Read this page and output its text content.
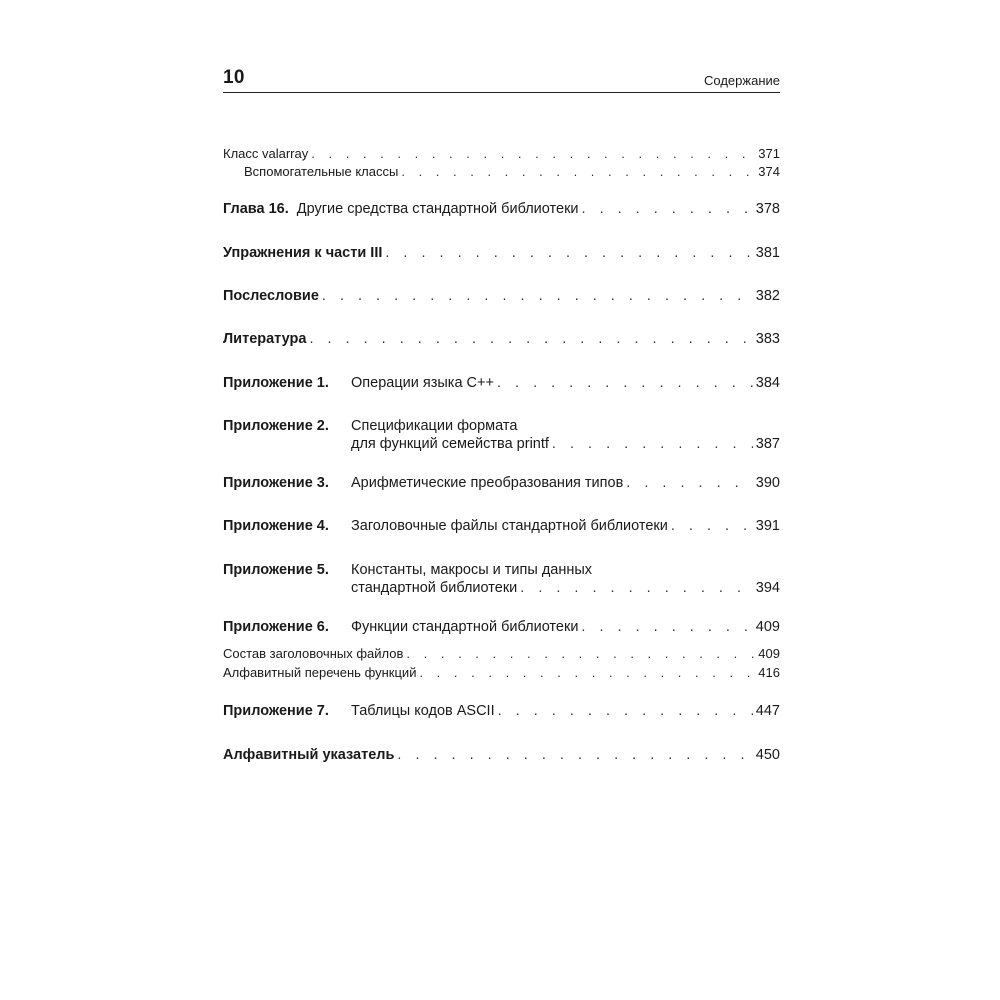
10	Содержание
Класс valarray . . .	371
Вспомогательные классы . . .	374
Глава 16. Другие средства стандартной библиотеки . . .	378
Упражнения к части III . . .	381
Послесловие . . .	382
Литература . . .	383
Приложение 1.	Операции языка C++ . . .	384
Приложение 2.	Спецификации формата
для функций семейства printf . . .	387
Приложение 3.	Арифметические преобразования типов . . .	390
Приложение 4.	Заголовочные файлы стандартной библиотеки . . .	391
Приложение 5.	Константы, макросы и типы данных
стандартной библиотеки . . .	394
Приложение 6.	Функции стандартной библиотеки . . .	409
Состав заголовочных файлов . . .	409
Алфавитный перечень функций . . .	416
Приложение 7.	Таблицы кодов ASCII . . .	447
Алфавитный указатель . . .	450
